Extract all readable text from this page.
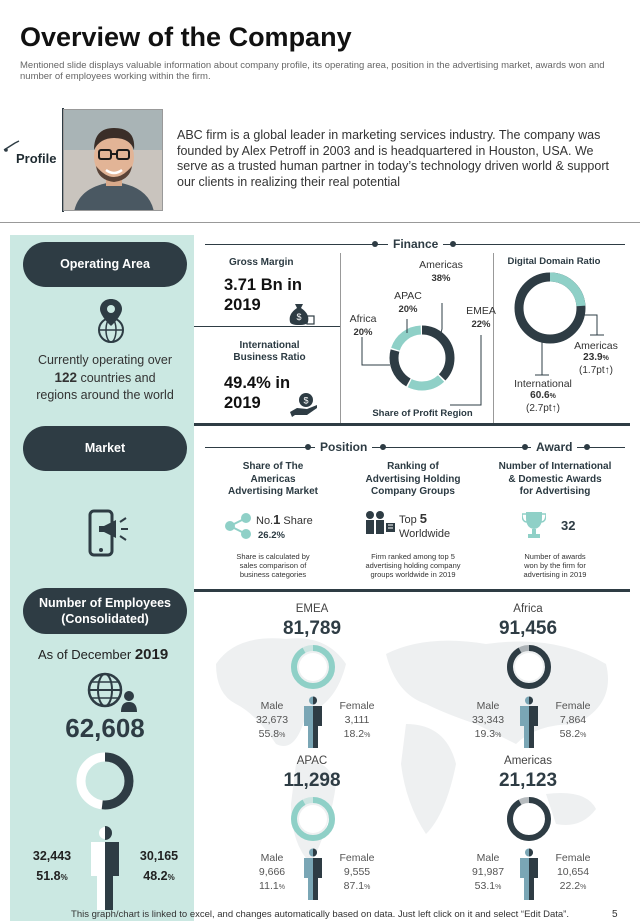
Overview of the Company
Mentioned slide displays valuable information about company profile, its operating area, position in the advertising market, awards won and number of employees working within the firm.
Profile
ABC firm is a global leader in marketing services industry. The company was founded by Alex Petroff in 2003 and is headquartered in Houston, USA. We serve as a trusted human partner in today’s technology driven world & support our clients in realizing their real potential
Operating Area
Currently operating over
122 countries and
regions around the world
Market
Number of Employees
(Consolidated)
As of December 2019
62,608
32,443
51.8%
30,165
48.2%
Finance
Gross Margin
3.71 Bn in
2019
$
International
Business Ratio
49.4% in
2019	$
Americas
38%
APAC
20%	EMEA
22%
Africa
20%
Share of Profit Region
Digital Domain Ratio
Americas
23.9%
(1.7pt↑)
International
60.6%
(2.7pt↑)
Position	Award
Share of The
Americas
Advertising Market
No.1 Share
26.2%
Share is calculated by
sales comparison of
business categories
Ranking of
Advertising Holding
Company Groups
Top 5
Worldwide
Firm ranked among top 5
advertising holding company
groups worldwide in 2019
Number of International
& Domestic Awards
for Advertising
32
Number of awards
won by the firm for
advertising in 2019
EMEA
81,789
Male
32,673
55.8%
Female
3,111
18.2%
Africa
91,456
Male
33,343
19.3%
Female
7,864
58.2%
APAC
11,298
Male
9,666
11.1%
Female
9,555
87.1%
Americas
21,123
Male
91,987
53.1%
Female
10,654
22.2%
This graph/chart is linked to excel, and changes automatically based on data. Just left click on it and select “Edit Data”.	5
